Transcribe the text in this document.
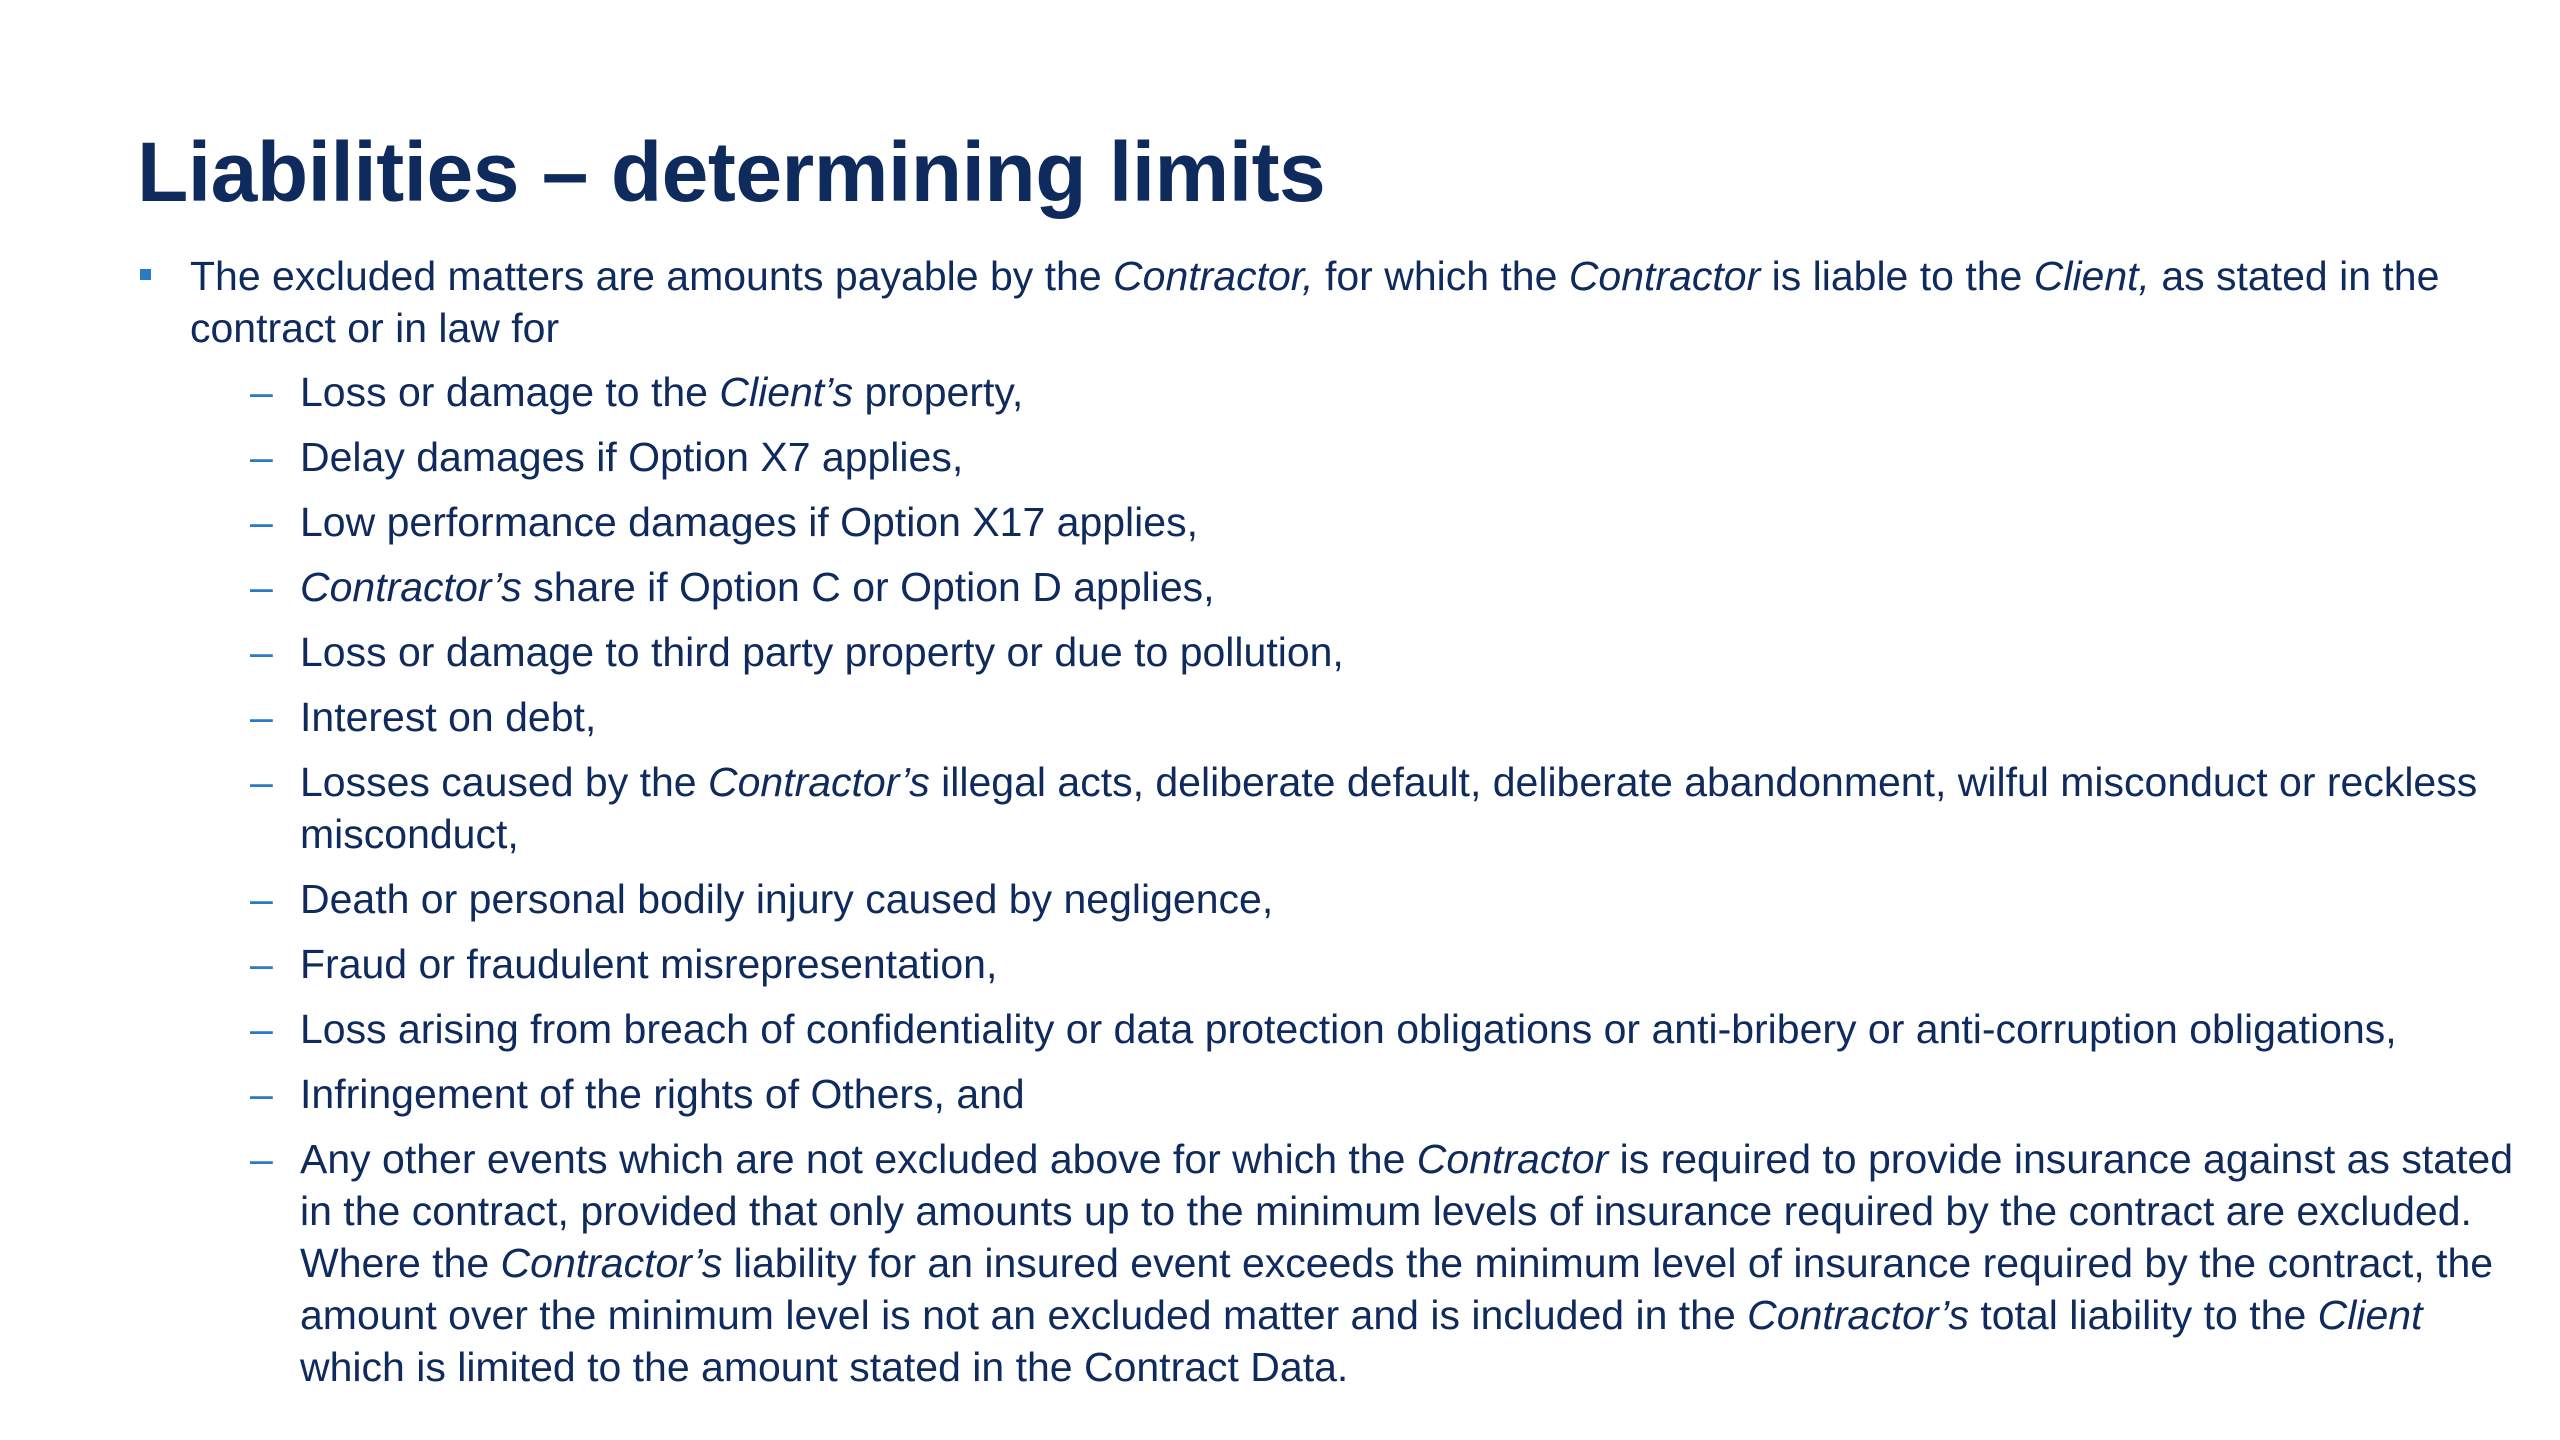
Liabilities – determining limits
The excluded matters are amounts payable by the Contractor, for which the Contractor is liable to the Client, as stated in the contract or in law for
– Loss or damage to the Client’s property,
– Delay damages if Option X7 applies,
– Low performance damages if Option X17 applies,
– Contractor’s share if Option C or Option D applies,
– Loss or damage to third party property or due to pollution,
– Interest on debt,
– Losses caused by the Contractor’s illegal acts, deliberate default, deliberate abandonment, wilful misconduct or reckless misconduct,
– Death or personal bodily injury caused by negligence,
– Fraud or fraudulent misrepresentation,
– Loss arising from breach of confidentiality or data protection obligations or anti-bribery or anti-corruption obligations,
– Infringement of the rights of Others, and
– Any other events which are not excluded above for which the Contractor is required to provide insurance against as stated in the contract, provided that only amounts up to the minimum levels of insurance required by the contract are excluded. Where the Contractor’s liability for an insured event exceeds the minimum level of insurance required by the contract, the amount over the minimum level is not an excluded matter and is included in the Contractor’s total liability to the Client which is limited to the amount stated in the Contract Data.
